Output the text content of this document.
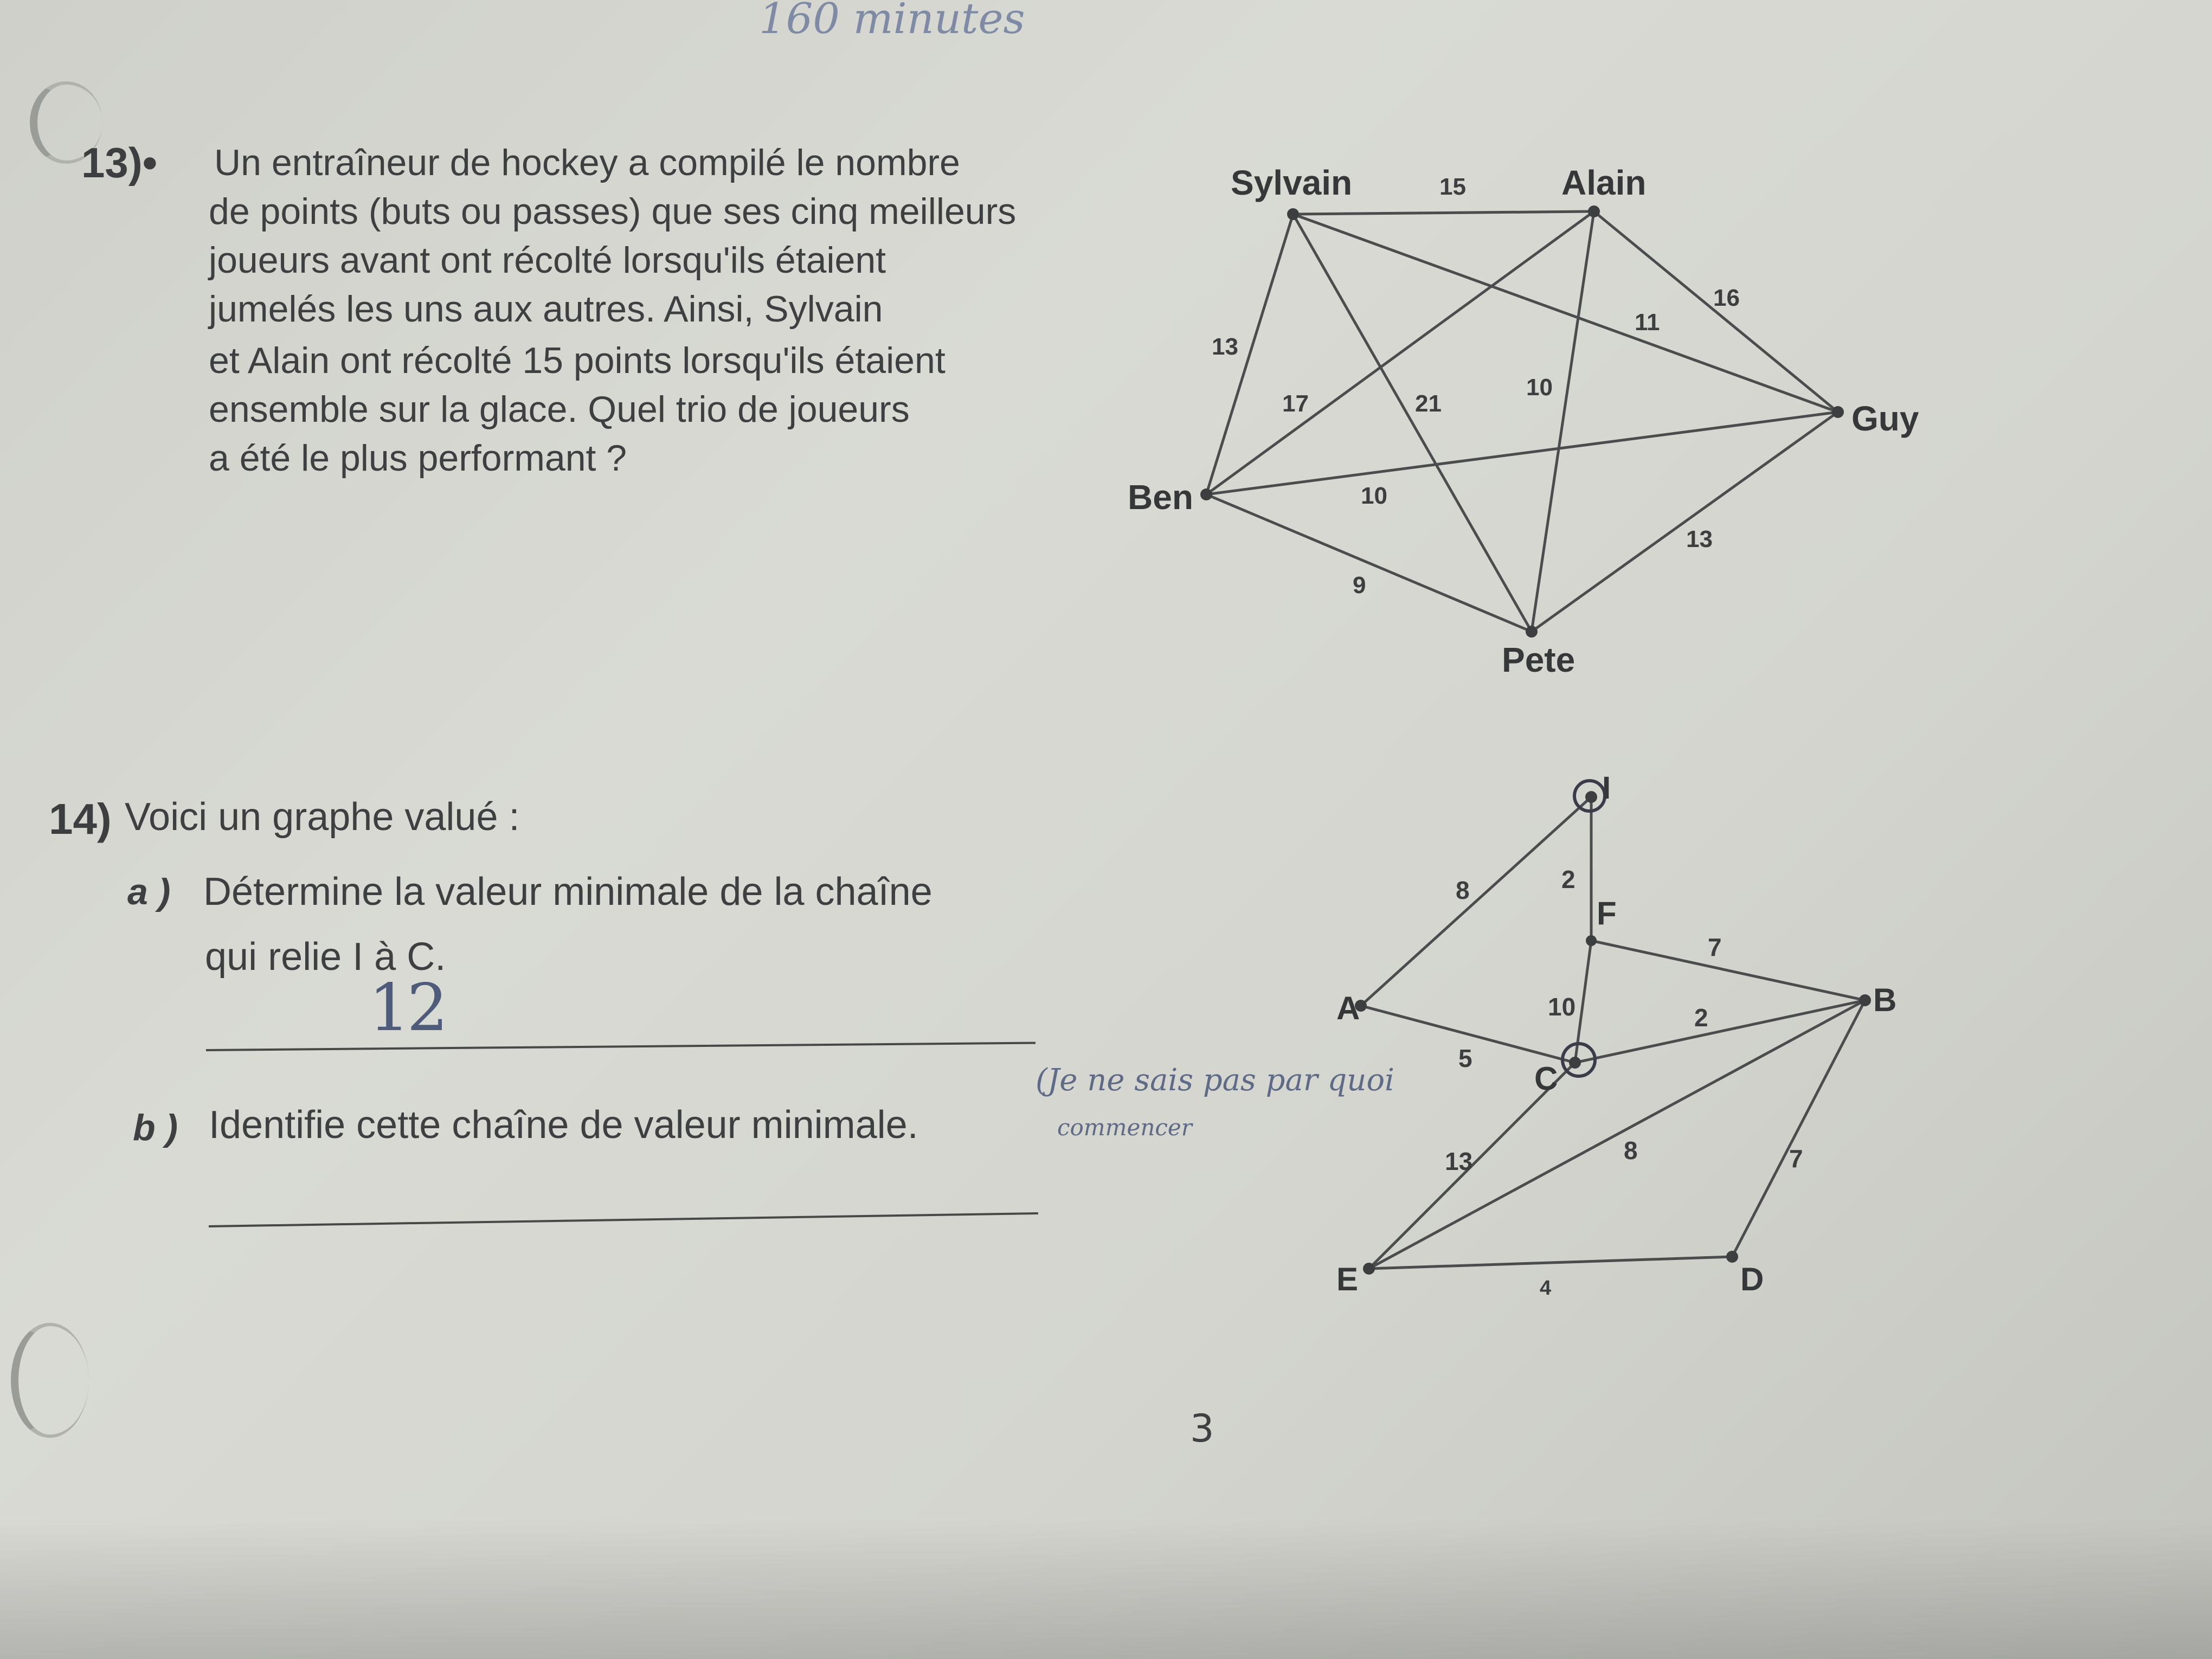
160 minutes
13)• Un entraîneur de hockey a compilé le nombre
de points (buts ou passes) que ses cinq meilleurs
joueurs avant ont récolté lorsqu'ils étaient
jumelés les uns aux autres. Ainsi, Sylvain
et Alain ont récolté 15 points lorsqu'ils étaient
ensemble sur la glace. Quel trio de joueurs
a été le plus performant ?
Sylvain	Alain
Guy
Pete
Ben
15
11
21
13
16
10
17
10
9
13
14) Voici un graphe valué :
a ) Détermine la valeur minimale de la chaîne
qui relie I à C.
12
b ) Identifie cette chaîne de valeur minimale.
(Je ne sais pas par quoi
commencer
I
F
A	B
C
E	D
8	2
7
10
5
2
13	8	7
4
3
